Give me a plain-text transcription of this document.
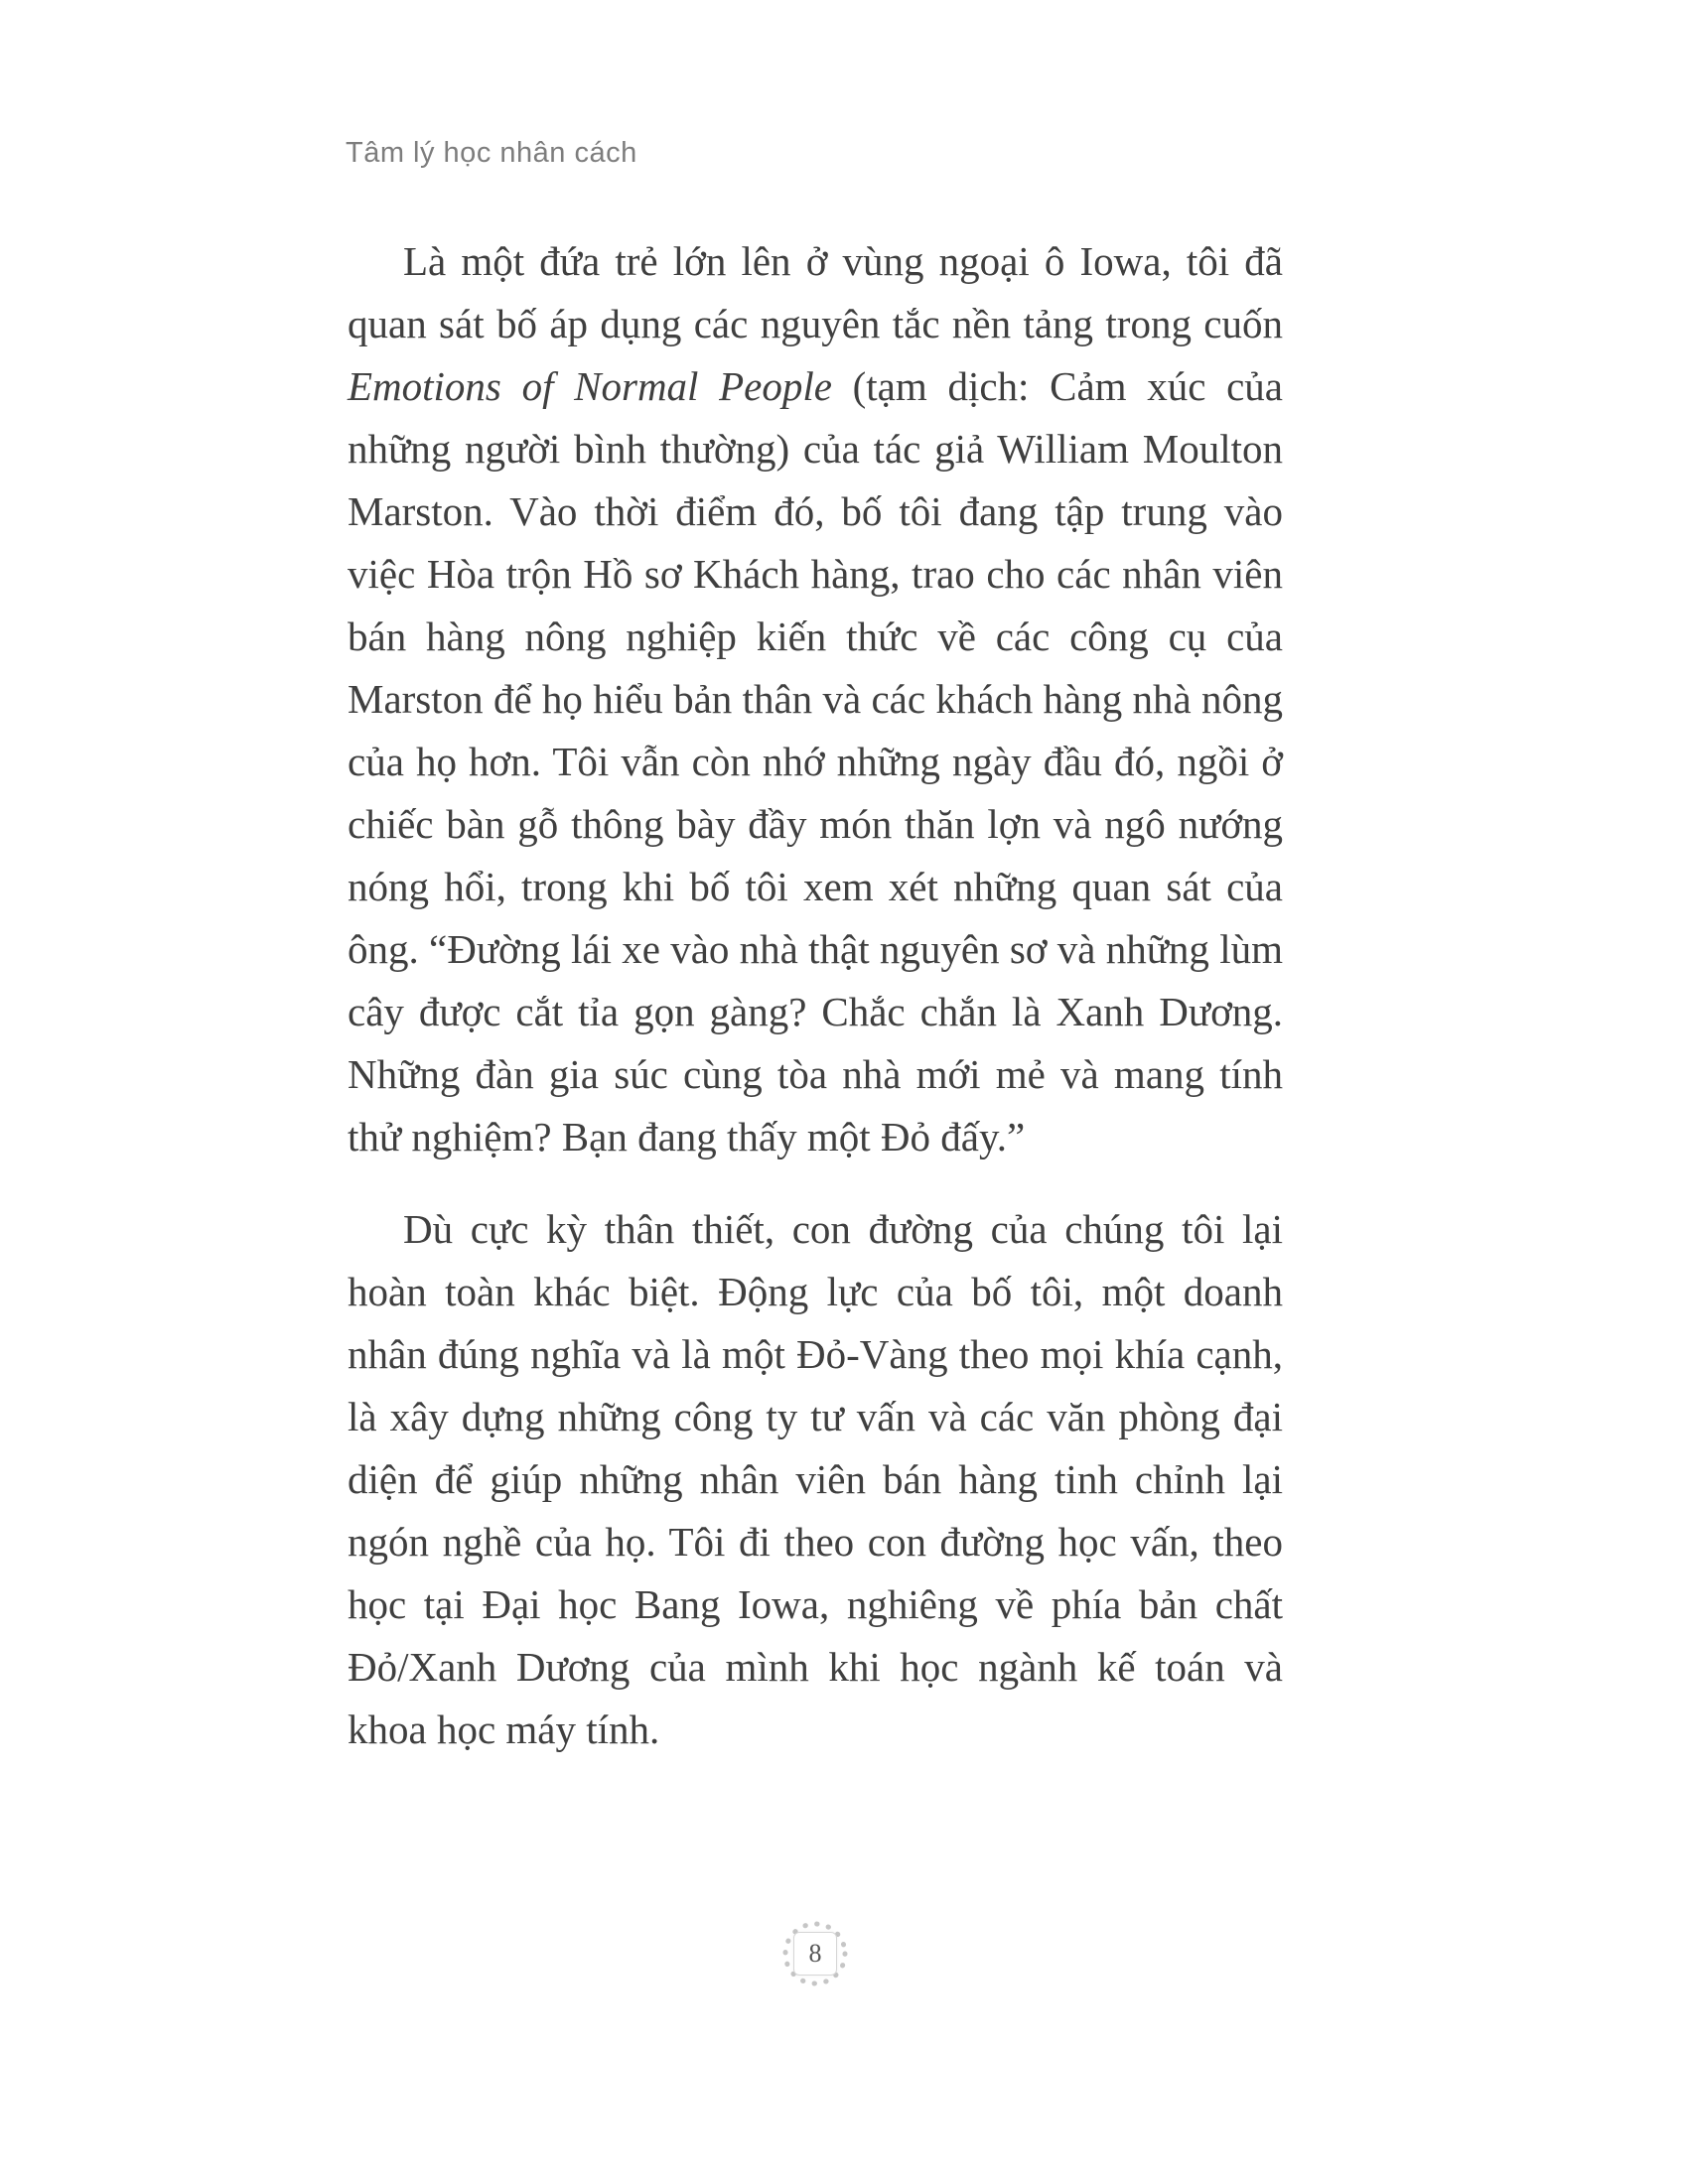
Tâm lý học nhân cách

Là một đứa trẻ lớn lên ở vùng ngoại ô Iowa, tôi đã quan sát bố áp dụng các nguyên tắc nền tảng trong cuốn Emotions of Normal People (tạm dịch: Cảm xúc của những người bình thường) của tác giả William Moulton Marston. Vào thời điểm đó, bố tôi đang tập trung vào việc Hòa trộn Hồ sơ Khách hàng, trao cho các nhân viên bán hàng nông nghiệp kiến thức về các công cụ của Marston để họ hiểu bản thân và các khách hàng nhà nông của họ hơn. Tôi vẫn còn nhớ những ngày đầu đó, ngồi ở chiếc bàn gỗ thông bày đầy món thăn lợn và ngô nướng nóng hổi, trong khi bố tôi xem xét những quan sát của ông. “Đường lái xe vào nhà thật nguyên sơ và những lùm cây được cắt tỉa gọn gàng? Chắc chắn là Xanh Dương. Những đàn gia súc cùng tòa nhà mới mẻ và mang tính thử nghiệm? Bạn đang thấy một Đỏ đấy.”

Dù cực kỳ thân thiết, con đường của chúng tôi lại hoàn toàn khác biệt. Động lực của bố tôi, một doanh nhân đúng nghĩa và là một Đỏ-Vàng theo mọi khía cạnh, là xây dựng những công ty tư vấn và các văn phòng đại diện để giúp những nhân viên bán hàng tinh chỉnh lại ngón nghề của họ. Tôi đi theo con đường học vấn, theo học tại Đại học Bang Iowa, nghiêng về phía bản chất Đỏ/Xanh Dương của mình khi học ngành kế toán và khoa học máy tính.

8
